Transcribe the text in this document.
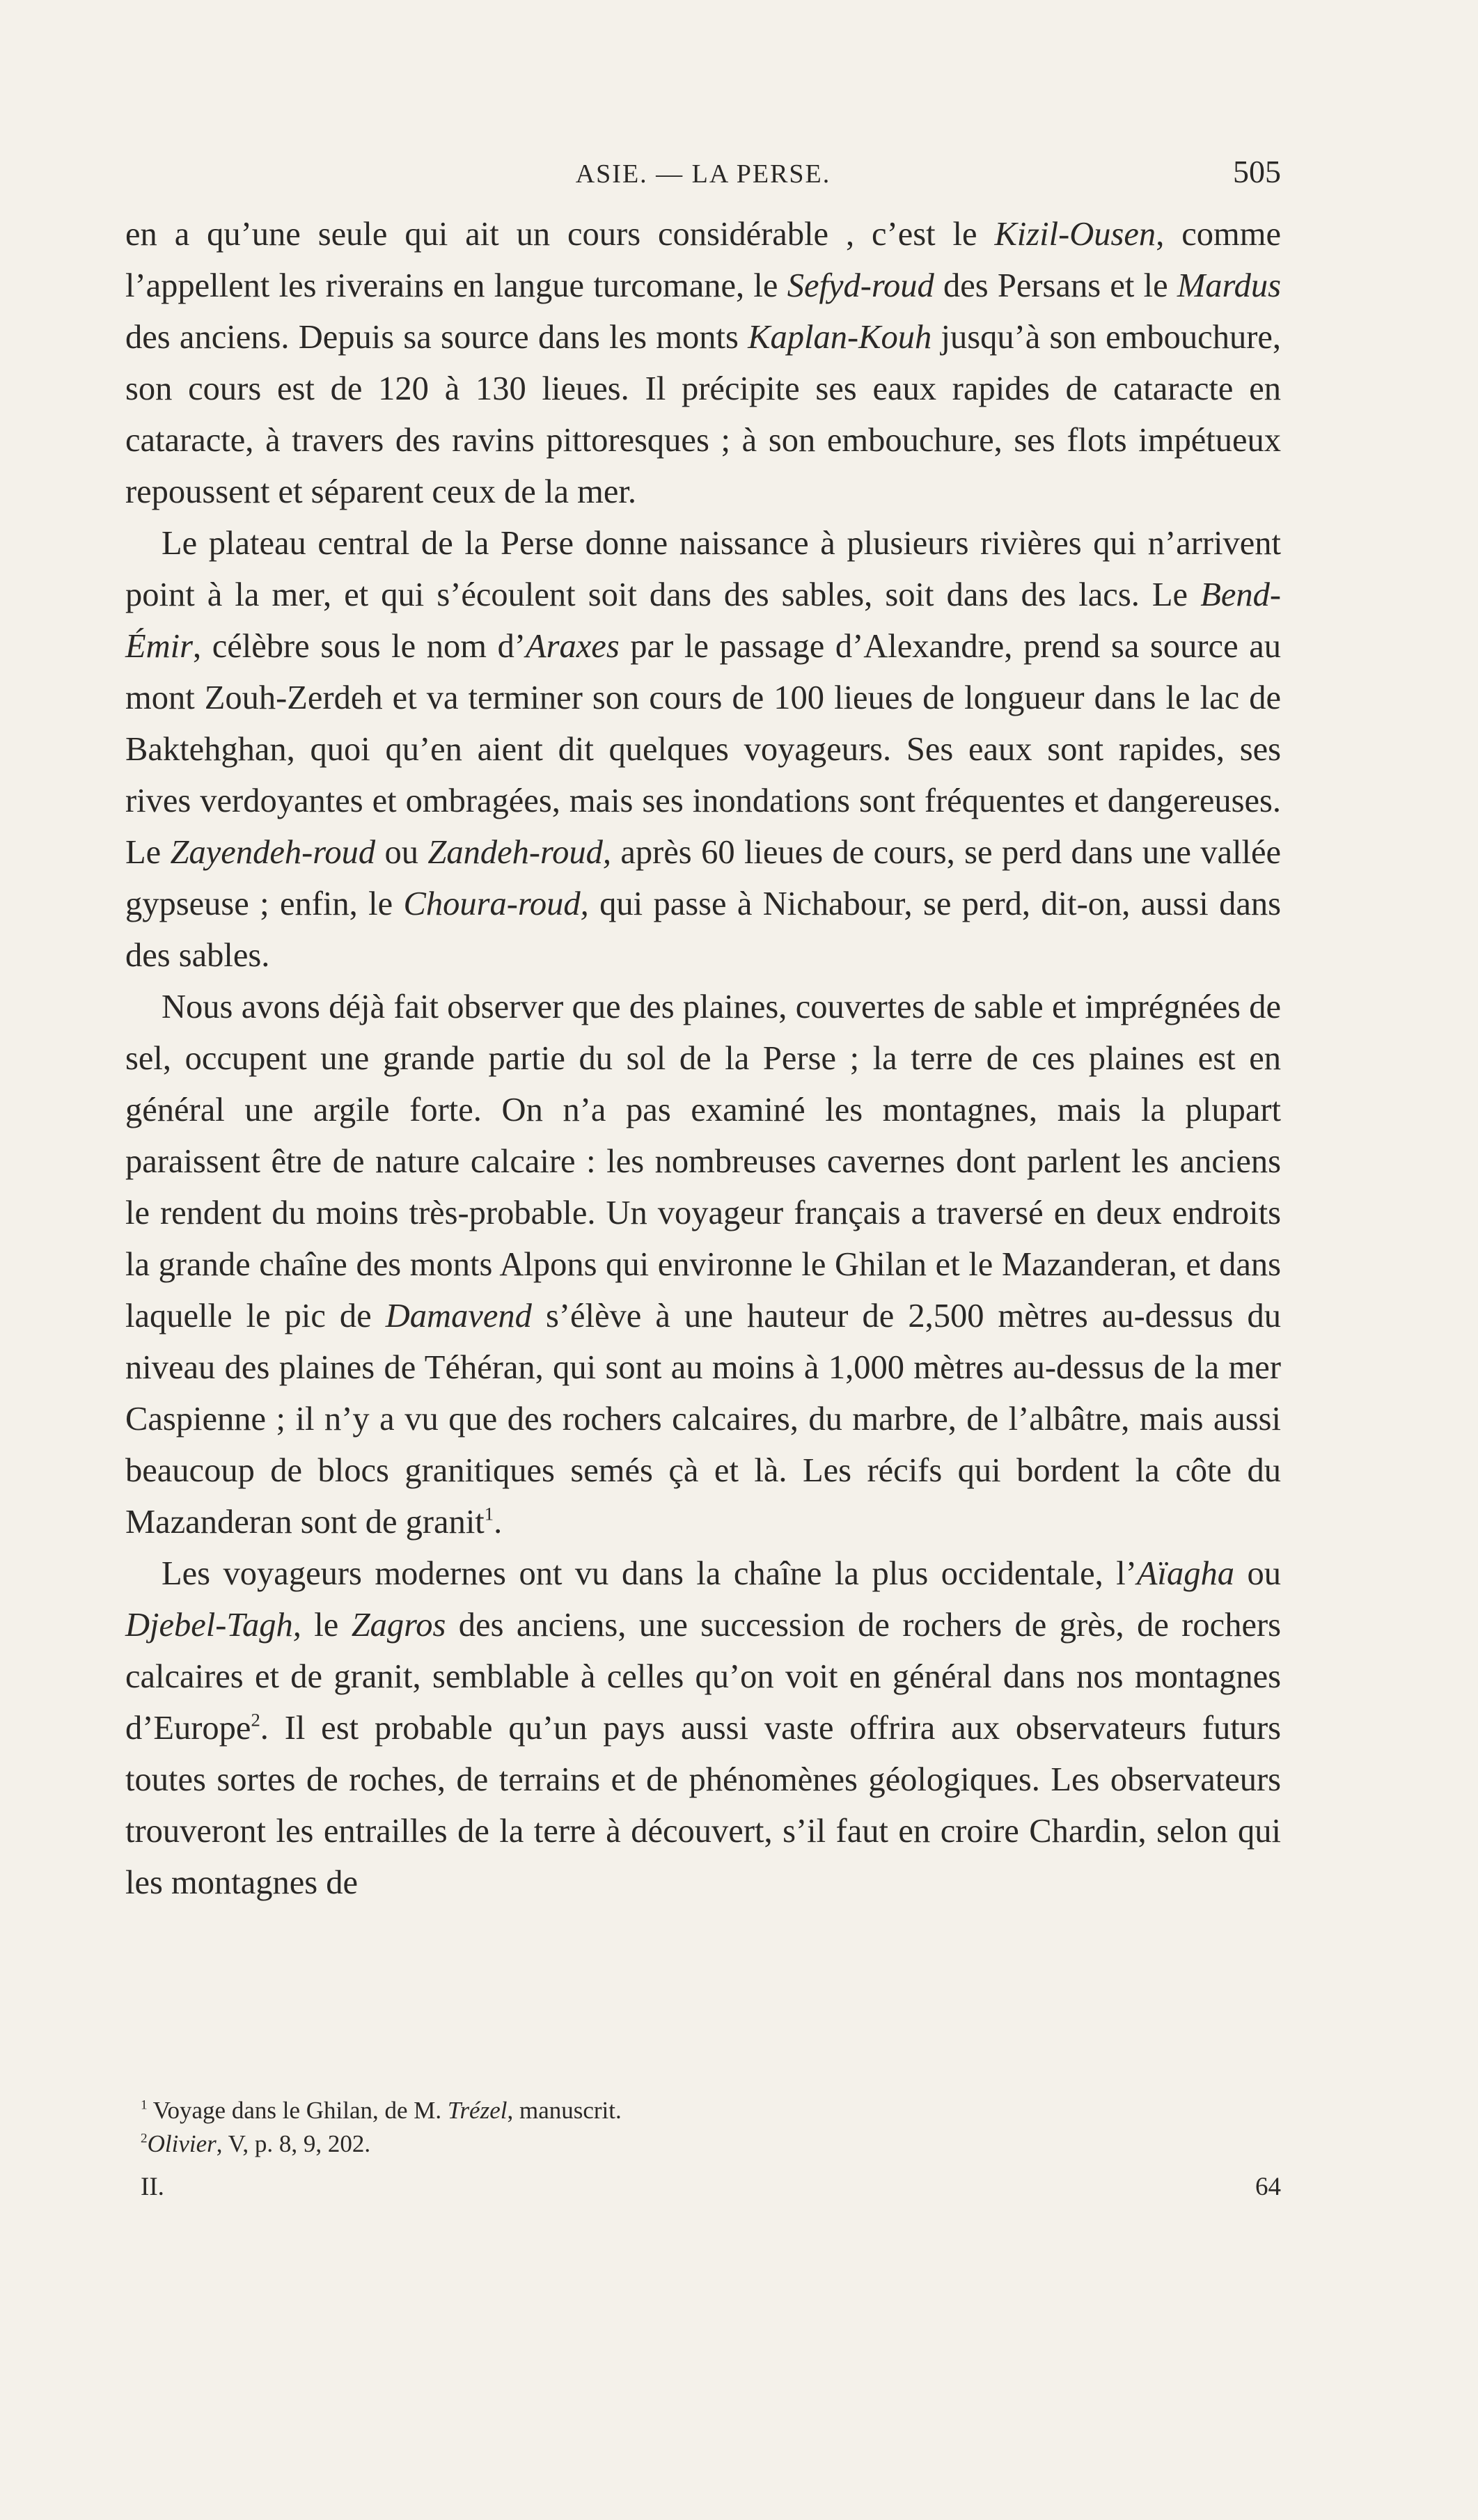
ASIE. — LA PERSE.	505

en a qu’une seule qui ait un cours considérable , c’est le Kizil-Ousen, comme l’appellent les riverains en langue turcomane, le Sefyd-roud des Persans et le Mardus des anciens. Depuis sa source dans les monts Kaplan-Kouh jusqu’à son embouchure, son cours est de 120 à 130 lieues. Il précipite ses eaux rapides de cataracte en cataracte, à travers des ravins pittoresques ; à son embouchure, ses flots impétueux repoussent et séparent ceux de la mer.

Le plateau central de la Perse donne naissance à plusieurs rivières qui n’arrivent point à la mer, et qui s’écoulent soit dans des sables, soit dans des lacs. Le Bend-Émir, célèbre sous le nom d’Araxes par le passage d’Alexandre, prend sa source au mont Zouh-Zerdeh et va terminer son cours de 100 lieues de longueur dans le lac de Baktehghan, quoi qu’en aient dit quelques voyageurs. Ses eaux sont rapides, ses rives verdoyantes et ombragées, mais ses inondations sont fréquentes et dangereuses. Le Zayendeh-roud ou Zandeh-roud, après 60 lieues de cours, se perd dans une vallée gypseuse ; enfin, le Choura-roud, qui passe à Nichabour, se perd, dit-on, aussi dans des sables.

Nous avons déjà fait observer que des plaines, couvertes de sable et imprégnées de sel, occupent une grande partie du sol de la Perse ; la terre de ces plaines est en général une argile forte. On n’a pas examiné les montagnes, mais la plupart paraissent être de nature calcaire : les nombreuses cavernes dont parlent les anciens le rendent du moins très-probable. Un voyageur français a traversé en deux endroits la grande chaîne des monts Alpons qui environne le Ghilan et le Mazanderan, et dans laquelle le pic de Damavend s’élève à une hauteur de 2,500 mètres au-dessus du niveau des plaines de Téhéran, qui sont au moins à 1,000 mètres au-dessus de la mer Caspienne ; il n’y a vu que des rochers calcaires, du marbre, de l’albâtre, mais aussi beaucoup de blocs granitiques semés çà et là. Les récifs qui bordent la côte du Mazanderan sont de granit$^1$.

Les voyageurs modernes ont vu dans la chaîne la plus occidentale, l’Aïagha ou Djebel-Tagh, le Zagros des anciens, une succession de rochers de grès, de rochers calcaires et de granit, semblable à celles qu’on voit en général dans nos montagnes d’Europe$^2$. Il est probable qu’un pays aussi vaste offrira aux observateurs futurs toutes sortes de roches, de terrains et de phénomènes géologiques. Les observateurs trouveront les entrailles de la terre à découvert, s’il faut en croire Chardin, selon qui les montagnes de

$^1$ Voyage dans le Ghilan, de M. Trézel, manuscrit.

$^2$Olivier, V, p. 8, 9, 202.

II.	64
